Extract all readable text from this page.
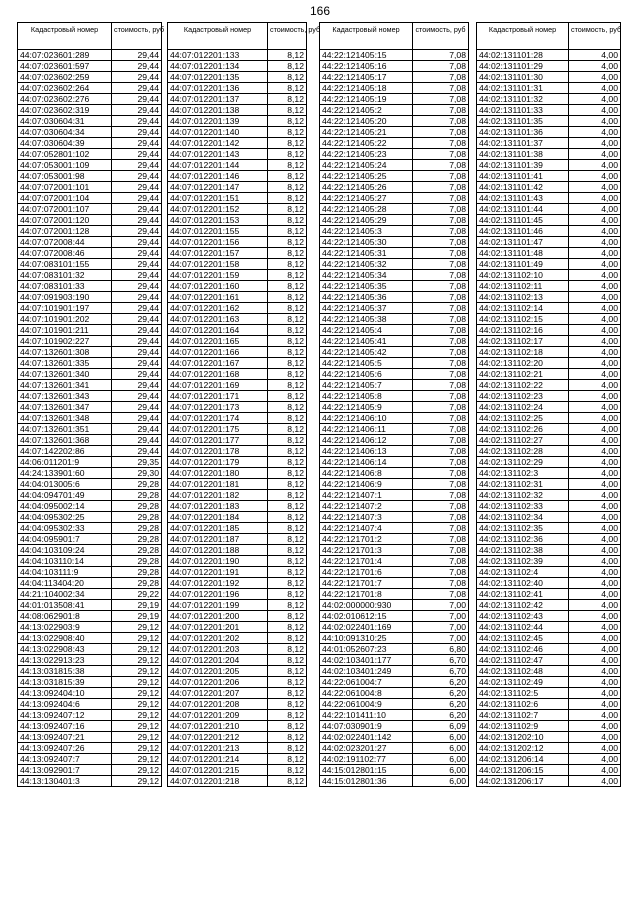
166
Кадастровый номер	стоимость, руб
44:07:023601:289	29,44
44:07:023601:597	29,44
44:07:023602:259	29,44
44:07:023602:264	29,44
44:07:023602:276	29,44
44:07:023602:319	29,44
44:07:030604:31	29,44
44:07:030604:34	29,44
44:07:030604:39	29,44
44:07:052801:102	29,44
44:07:053001:109	29,44
44:07:053001:98	29,44
44:07:072001:101	29,44
44:07:072001:104	29,44
44:07:072001:107	29,44
44:07:072001:120	29,44
44:07:072001:128	29,44
44:07:072008:44	29,44
44:07:072008:46	29,44
44:07:083101:155	29,44
44:07:083101:32	29,44
44:07:083101:33	29,44
44:07:091903:190	29,44
44:07:101901:197	29,44
44:07:101901:202	29,44
44:07:101901:211	29,44
44:07:101902:227	29,44
44:07:132601:308	29,44
44:07:132601:335	29,44
44:07:132601:340	29,44
44:07:132601:341	29,44
44:07:132601:343	29,44
44:07:132601:347	29,44
44:07:132601:348	29,44
44:07:132601:351	29,44
44:07:132601:368	29,44
44:07:142202:86	29,44
44:06:011201:9	29,35
44:24:133901:60	29,30
44:04:013005:6	29,28
44:04:094701:49	29,28
44:04:095002:14	29,28
44:04:095302:25	29,28
44:04:095302:33	29,28
44:04:095901:7	29,28
44:04:103109:24	29,28
44:04:103110:14	29,28
44:04:103111:9	29,28
44:04:113404:20	29,28
44:21:104002:34	29,22
44:01:013508:41	29,19
44:08:062901:8	29,19
44:13:022903:9	29,12
44:13:022908:40	29,12
44:13:022908:43	29,12
44:13:022913:23	29,12
44:13:031815:38	29,12
44:13:031815:39	29,12
44:13:092404:10	29,12
44:13:092404:6	29,12
44:13:092407:12	29,12
44:13:092407:16	29,12
44:13:092407:21	29,12
44:13:092407:26	29,12
44:13:092407:7	29,12
44:13:092901:7	29,12
44:13:130401:3	29,12
Кадастровый номер	стоимость, руб
44:07:012201:133	8,12
44:07:012201:134	8,12
44:07:012201:135	8,12
44:07:012201:136	8,12
44:07:012201:137	8,12
44:07:012201:138	8,12
44:07:012201:139	8,12
44:07:012201:140	8,12
44:07:012201:142	8,12
44:07:012201:143	8,12
44:07:012201:144	8,12
44:07:012201:146	8,12
44:07:012201:147	8,12
44:07:012201:151	8,12
44:07:012201:152	8,12
44:07:012201:153	8,12
44:07:012201:155	8,12
44:07:012201:156	8,12
44:07:012201:157	8,12
44:07:012201:158	8,12
44:07:012201:159	8,12
44:07:012201:160	8,12
44:07:012201:161	8,12
44:07:012201:162	8,12
44:07:012201:163	8,12
44:07:012201:164	8,12
44:07:012201:165	8,12
44:07:012201:166	8,12
44:07:012201:167	8,12
44:07:012201:168	8,12
44:07:012201:169	8,12
44:07:012201:171	8,12
44:07:012201:173	8,12
44:07:012201:174	8,12
44:07:012201:175	8,12
44:07:012201:177	8,12
44:07:012201:178	8,12
44:07:012201:179	8,12
44:07:012201:180	8,12
44:07:012201:181	8,12
44:07:012201:182	8,12
44:07:012201:183	8,12
44:07:012201:184	8,12
44:07:012201:185	8,12
44:07:012201:187	8,12
44:07:012201:188	8,12
44:07:012201:190	8,12
44:07:012201:191	8,12
44:07:012201:192	8,12
44:07:012201:196	8,12
44:07:012201:199	8,12
44:07:012201:200	8,12
44:07:012201:201	8,12
44:07:012201:202	8,12
44:07:012201:203	8,12
44:07:012201:204	8,12
44:07:012201:205	8,12
44:07:012201:206	8,12
44:07:012201:207	8,12
44:07:012201:208	8,12
44:07:012201:209	8,12
44:07:012201:210	8,12
44:07:012201:212	8,12
44:07:012201:213	8,12
44:07:012201:214	8,12
44:07:012201:215	8,12
44:07:012201:218	8,12
Кадастровый номер	стоимость, руб
44:22:121405:15	7,08
44:22:121405:16	7,08
44:22:121405:17	7,08
44:22:121405:18	7,08
44:22:121405:19	7,08
44:22:121405:2	7,08
44:22:121405:20	7,08
44:22:121405:21	7,08
44:22:121405:22	7,08
44:22:121405:23	7,08
44:22:121405:24	7,08
44:22:121405:25	7,08
44:22:121405:26	7,08
44:22:121405:27	7,08
44:22:121405:28	7,08
44:22:121405:29	7,08
44:22:121405:3	7,08
44:22:121405:30	7,08
44:22:121405:31	7,08
44:22:121405:32	7,08
44:22:121405:34	7,08
44:22:121405:35	7,08
44:22:121405:36	7,08
44:22:121405:37	7,08
44:22:121405:38	7,08
44:22:121405:4	7,08
44:22:121405:41	7,08
44:22:121405:42	7,08
44:22:121405:5	7,08
44:22:121405:6	7,08
44:22:121405:7	7,08
44:22:121405:8	7,08
44:22:121405:9	7,08
44:22:121406:10	7,08
44:22:121406:11	7,08
44:22:121406:12	7,08
44:22:121406:13	7,08
44:22:121406:14	7,08
44:22:121406:8	7,08
44:22:121406:9	7,08
44:22:121407:1	7,08
44:22:121407:2	7,08
44:22:121407:3	7,08
44:22:121407:4	7,08
44:22:121701:2	7,08
44:22:121701:3	7,08
44:22:121701:4	7,08
44:22:121701:6	7,08
44:22:121701:7	7,08
44:22:121701:8	7,08
44:02:000000:930	7,00
44:02:010612:15	7,00
44:02:022401:169	7,00
44:10:091310:25	7,00
44:01:052607:23	6,80
44:02:103401:177	6,70
44:02:103401:249	6,70
44:22:061004:7	6,20
44:22:061004:8	6,20
44:22:061004:9	6,20
44:22:101411:10	6,20
44:07:030901:9	6,09
44:02:022401:142	6,00
44:02:023201:27	6,00
44:02:191102:77	6,00
44:15:012801:15	6,00
44:15:012801:36	6,00
Кадастровый номер	стоимость, руб
44:02:131101:28	4,00
44:02:131101:29	4,00
44:02:131101:30	4,00
44:02:131101:31	4,00
44:02:131101:32	4,00
44:02:131101:33	4,00
44:02:131101:35	4,00
44:02:131101:36	4,00
44:02:131101:37	4,00
44:02:131101:38	4,00
44:02:131101:39	4,00
44:02:131101:41	4,00
44:02:131101:42	4,00
44:02:131101:43	4,00
44:02:131101:44	4,00
44:02:131101:45	4,00
44:02:131101:46	4,00
44:02:131101:47	4,00
44:02:131101:48	4,00
44:02:131101:49	4,00
44:02:131102:10	4,00
44:02:131102:11	4,00
44:02:131102:13	4,00
44:02:131102:14	4,00
44:02:131102:15	4,00
44:02:131102:16	4,00
44:02:131102:17	4,00
44:02:131102:18	4,00
44:02:131102:20	4,00
44:02:131102:21	4,00
44:02:131102:22	4,00
44:02:131102:23	4,00
44:02:131102:24	4,00
44:02:131102:25	4,00
44:02:131102:26	4,00
44:02:131102:27	4,00
44:02:131102:28	4,00
44:02:131102:29	4,00
44:02:131102:3	4,00
44:02:131102:31	4,00
44:02:131102:32	4,00
44:02:131102:33	4,00
44:02:131102:34	4,00
44:02:131102:35	4,00
44:02:131102:36	4,00
44:02:131102:38	4,00
44:02:131102:39	4,00
44:02:131102:4	4,00
44:02:131102:40	4,00
44:02:131102:41	4,00
44:02:131102:42	4,00
44:02:131102:43	4,00
44:02:131102:44	4,00
44:02:131102:45	4,00
44:02:131102:46	4,00
44:02:131102:47	4,00
44:02:131102:48	4,00
44:02:131102:49	4,00
44:02:131102:5	4,00
44:02:131102:6	4,00
44:02:131102:7	4,00
44:02:131102:9	4,00
44:02:131202:10	4,00
44:02:131202:12	4,00
44:02:131206:14	4,00
44:02:131206:15	4,00
44:02:131206:17	4,00
